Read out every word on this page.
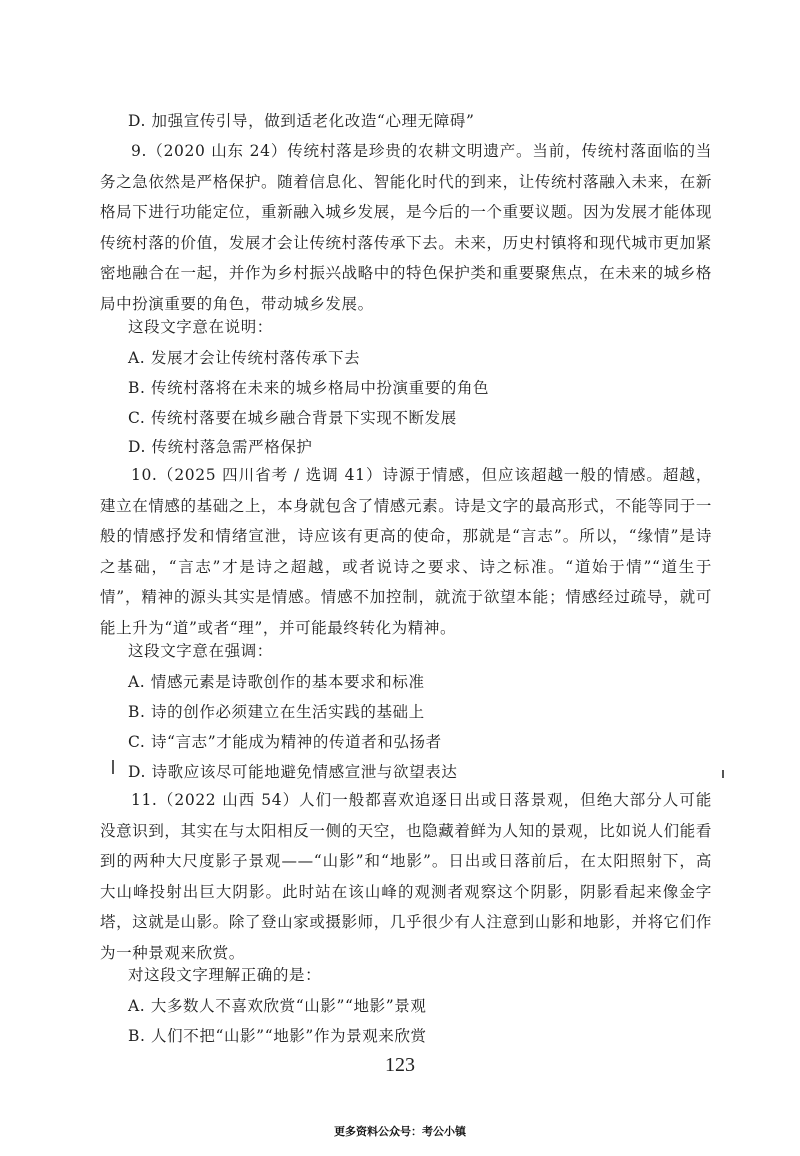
D. 加强宣传引导，做到适老化改造“心理无障碍”
9.（2020 山东 24）传统村落是珍贵的农耕文明遗产。当前，传统村落面临的当务之急依然是严格保护。随着信息化、智能化时代的到来，让传统村落融入未来，在新格局下进行功能定位，重新融入城乡发展，是今后的一个重要议题。因为发展才能体现传统村落的价值，发展才会让传统村落传承下去。未来，历史村镇将和现代城市更加紧密地融合在一起，并作为乡村振兴战略中的特色保护类和重要聚焦点，在未来的城乡格局中扮演重要的角色，带动城乡发展。
这段文字意在说明：
A. 发展才会让传统村落传承下去
B. 传统村落将在未来的城乡格局中扮演重要的角色
C. 传统村落要在城乡融合背景下实现不断发展
D. 传统村落急需严格保护
10.（2025 四川省考 / 选调 41）诗源于情感，但应该超越一般的情感。超越，建立在情感的基础之上，本身就包含了情感元素。诗是文字的最高形式，不能等同于一般的情感抒发和情绪宣泄，诗应该有更高的使命，那就是“言志”。所以，“缘情”是诗之基础，“言志”才是诗之超越，或者说诗之要求、诗之标准。“道始于情”“道生于情”，精神的源头其实是情感。情感不加控制，就流于欲望本能；情感经过疏导，就可能上升为“道”或者“理”，并可能最终转化为精神。
这段文字意在强调：
A. 情感元素是诗歌创作的基本要求和标准
B. 诗的创作必须建立在生活实践的基础上
C. 诗“言志”才能成为精神的传道者和弘扬者
D. 诗歌应该尽可能地避免情感宣泄与欲望表达
11.（2022 山西 54）人们一般都喜欢追逐日出或日落景观，但绝大部分人可能没意识到，其实在与太阳相反一侧的天空，也隐藏着鲜为人知的景观，比如说人们能看到的两种大尺度影子景观——“山影”和“地影”。日出或日落前后，在太阳照射下，高大山峰投射出巨大阴影。此时站在该山峰的观测者观察这个阴影，阴影看起来像金字塔，这就是山影。除了登山家或摄影师，几乎很少有人注意到山影和地影，并将它们作为一种景观来欣赏。
对这段文字理解正确的是：
A. 大多数人不喜欢欣赏“山影”“地影”景观
B. 人们不把“山影”“地影”作为景观来欣赏
123
更多资料公众号：考公小镇
